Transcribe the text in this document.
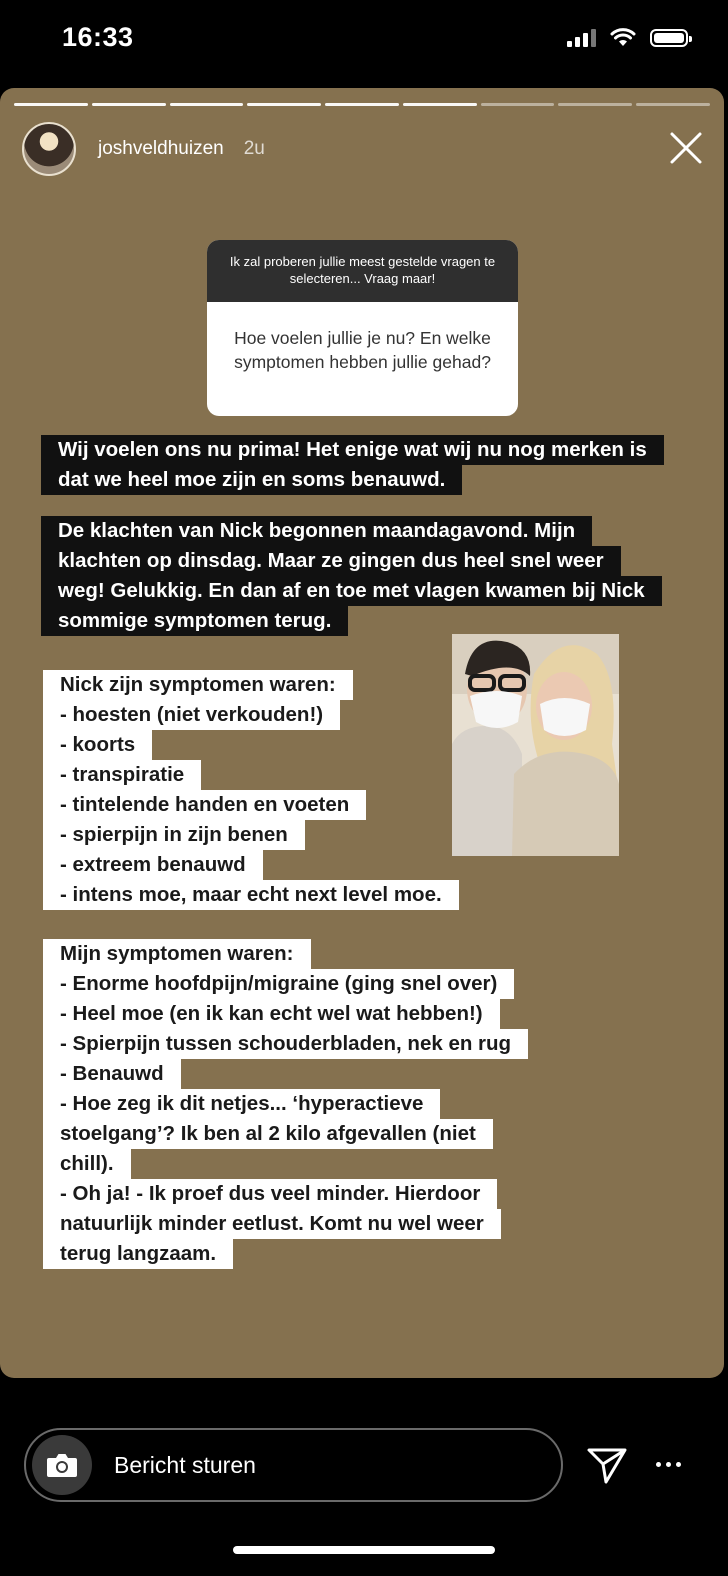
16:33
joshveldhuizen 2u
Ik zal proberen jullie meest gestelde vragen te selecteren... Vraag maar!
Hoe voelen jullie je nu? En welke symptomen hebben jullie gehad?
Wij voelen ons nu prima! Het enige wat wij nu nog merken is
dat we heel moe zijn en soms benauwd.
De klachten van Nick begonnen maandagavond. Mijn
klachten op dinsdag. Maar ze gingen dus heel snel weer
weg! Gelukkig. En dan af en toe met vlagen kwamen bij Nick
sommige symptomen terug.
Nick zijn symptomen waren:
- hoesten (niet verkouden!)
- koorts
- transpiratie
- tintelende handen en voeten
- spierpijn in zijn benen
- extreem benauwd
- intens moe, maar echt next level moe.
Mijn symptomen waren:
- Enorme hoofdpijn/migraine (ging snel over)
- Heel moe (en ik kan echt wel wat hebben!)
- Spierpijn tussen schouderbladen, nek en rug
- Benauwd
- Hoe zeg ik dit netjes... ‘hyperactieve
stoelgang’? Ik ben al 2 kilo afgevallen (niet
chill).
- Oh ja! - Ik proef dus veel minder. Hierdoor
natuurlijk minder eetlust. Komt nu wel weer
terug langzaam.
Bericht sturen
